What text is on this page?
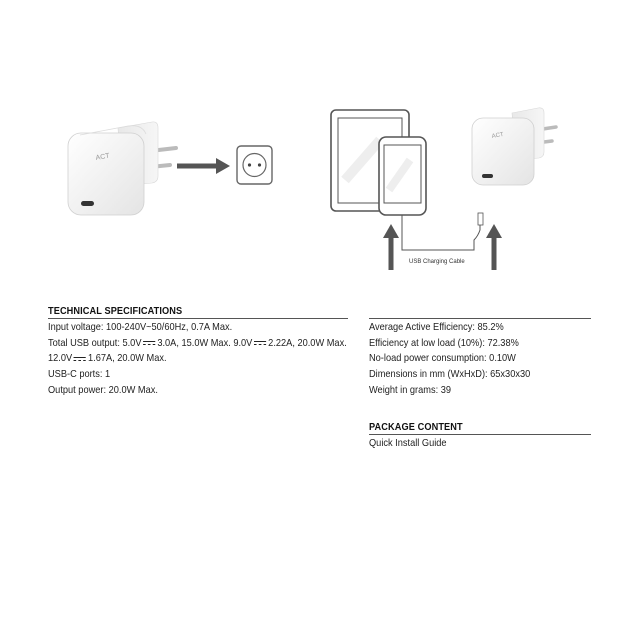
ACT
ACT
USB Charging Cable
TECHNICAL SPECIFICATIONS
Input voltage: 100-240V~50/60Hz, 0.7A Max.
Total USB output: 5.0V 3.0A, 15.0W Max. 9.0V 2.22A, 20.0W Max.
12.0V 1.67A, 20.0W Max.
USB-C ports: 1
Output power: 20.0W Max.
Average Active Efficiency: 85.2%
Efficiency at low load (10%): 72.38%
No-load power consumption: 0.10W
Dimensions in mm (WxHxD): 65x30x30
Weight in grams: 39
PACKAGE CONTENT
Quick Install Guide
